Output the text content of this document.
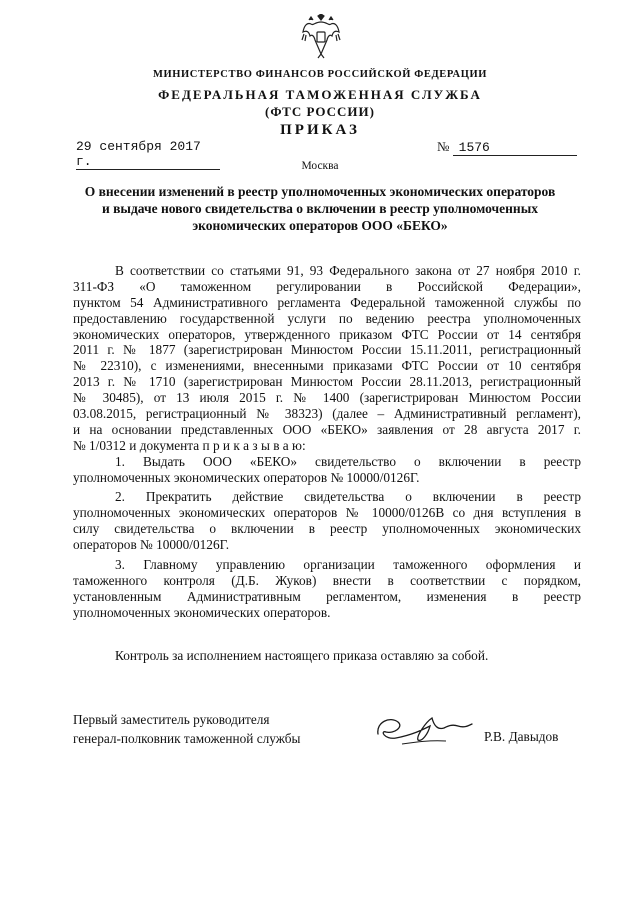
МИНИСТЕРСТВО ФИНАНСОВ РОССИЙСКОЙ ФЕДЕРАЦИИ
ФЕДЕРАЛЬНАЯ ТАМОЖЕННАЯ СЛУЖБА
(ФТС РОССИИ)
ПРИКАЗ
29 сентября 2017 г.
№ 1576
Москва
О внесении изменений в реестр уполномоченных экономических операторов
и выдаче нового свидетельства о включении в реестр уполномоченных
экономических операторов ООО «БЕКО»
В соответствии со статьями 91, 93 Федерального закона от 27 ноября 2010 г.
311-ФЗ «О таможенном регулировании в Российской Федерации»,
пунктом 54 Административного регламента Федеральной таможенной службы по
предоставлению государственной услуги по ведению реестра уполномоченных
экономических операторов, утвержденного приказом ФТС России от 14 сентября
2011 г. № 1877 (зарегистрирован Минюстом России 15.11.2011, регистрационный
№ 22310), с изменениями, внесенными приказами ФТС России от 10 сентября
2013 г. № 1710 (зарегистрирован Минюстом России 28.11.2013, регистрационный
№ 30485), от 13 июля 2015 г. № 1400 (зарегистрирован Минюстом России
03.08.2015, регистрационный № 38323) (далее – Административный регламент),
и на основании представленных ООО «БЕКО» заявления от 28 августа 2017 г.
№ 1/0312 и документа п р и к а з ы в а ю:
1. Выдать ООО «БЕКО» свидетельство о включении в реестр
уполномоченных экономических операторов № 10000/0126Г.
2. Прекратить действие свидетельства о включении в реестр
уполномоченных экономических операторов № 10000/0126В со дня вступления в
силу свидетельства о включении в реестр уполномоченных экономических
операторов № 10000/0126Г.
3. Главному управлению организации таможенного оформления и
таможенного контроля (Д.Б. Жуков) внести в соответствии с порядком,
установленным Административным регламентом, изменения в реестр
уполномоченных экономических операторов.
Контроль за исполнением настоящего приказа оставляю за собой.
Первый заместитель руководителя
генерал-полковник таможенной службы	Р.В. Давыдов
